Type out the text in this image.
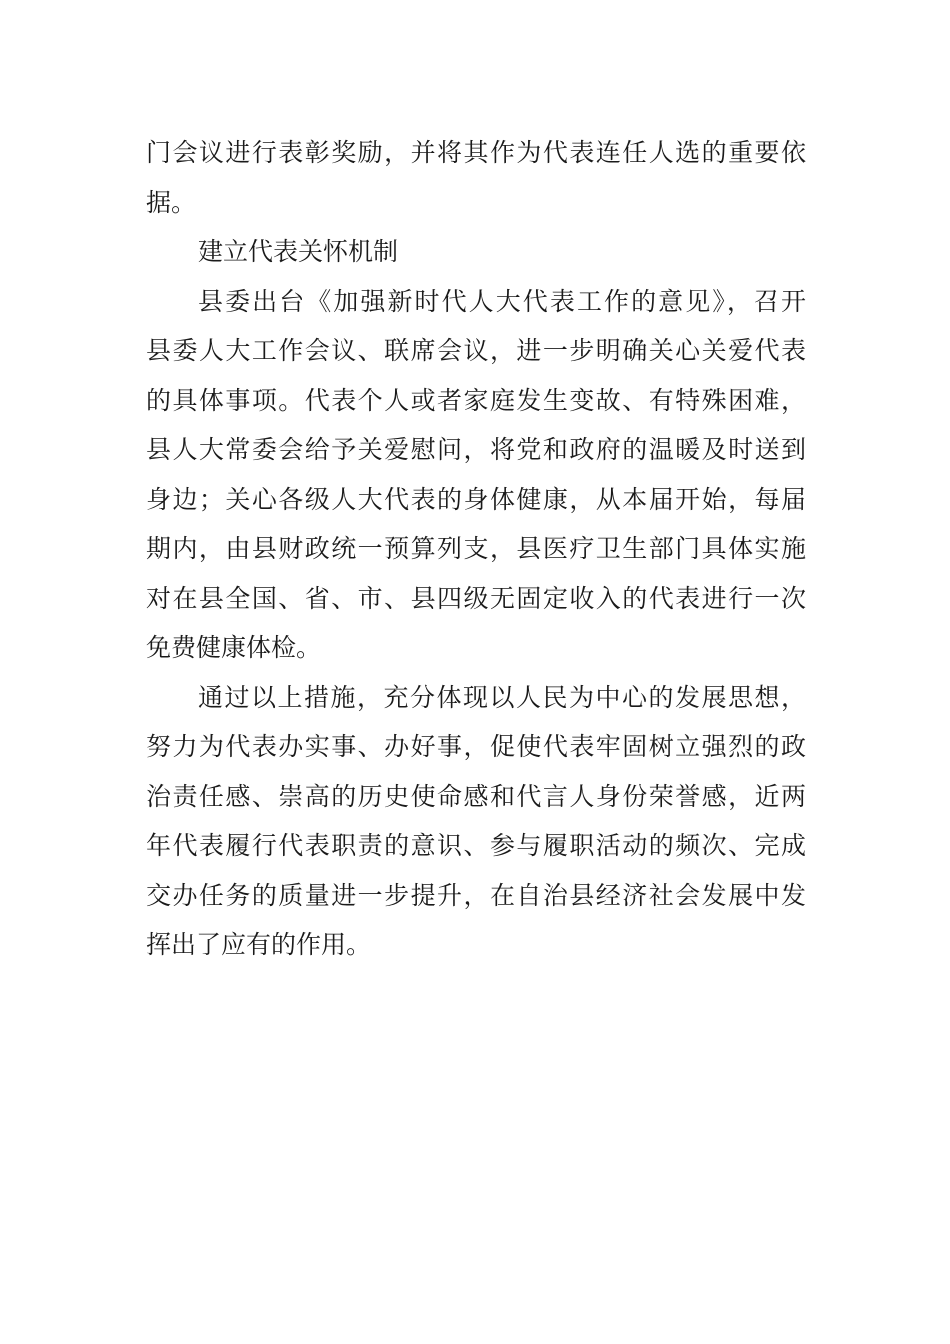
门会议进行表彰奖励，并将其作为代表连任人选的重要依
据。
建立代表关怀机制
县委出台《加强新时代人大代表工作的意见》，召开
县委人大工作会议、联席会议，进一步明确关心关爱代表
的具体事项。代表个人或者家庭发生变故、有特殊困难，
县人大常委会给予关爱慰问，将党和政府的温暖及时送到
身边；关心各级人大代表的身体健康，从本届开始，每届
期内，由县财政统一预算列支，县医疗卫生部门具体实施
对在县全国、省、市、县四级无固定收入的代表进行一次
免费健康体检。
通过以上措施，充分体现以人民为中心的发展思想，
努力为代表办实事、办好事，促使代表牢固树立强烈的政
治责任感、崇高的历史使命感和代言人身份荣誉感，近两
年代表履行代表职责的意识、参与履职活动的频次、完成
交办任务的质量进一步提升，在自治县经济社会发展中发
挥出了应有的作用。
